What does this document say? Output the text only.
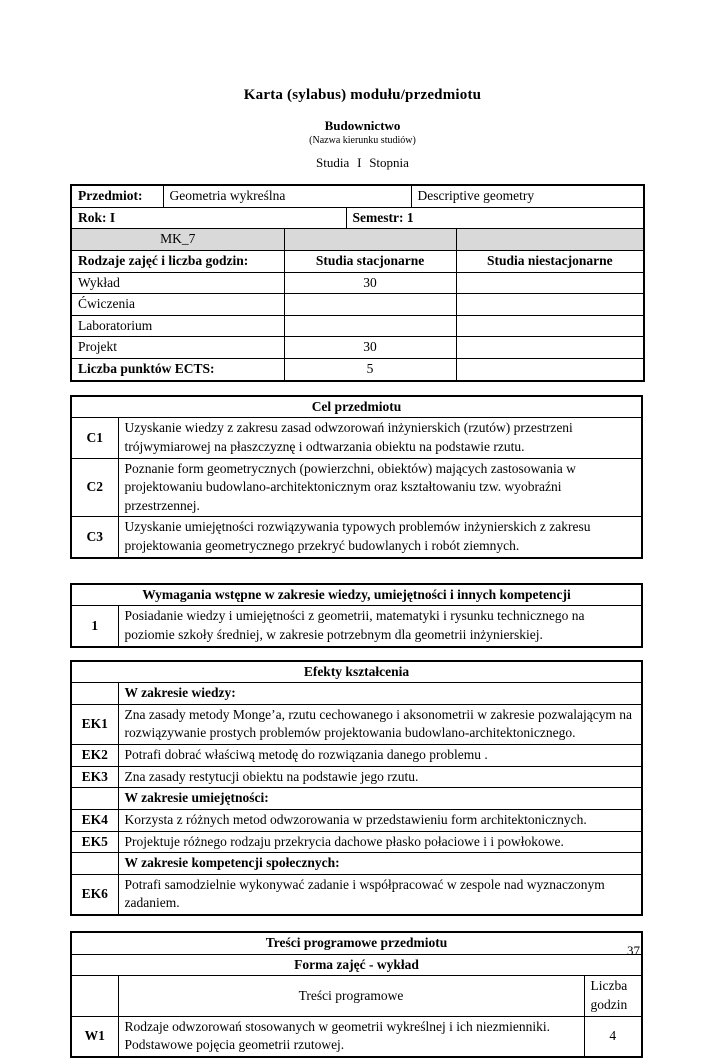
Karta (sylabus) modułu/przedmiotu
Budownictwo
(Nazwa kierunku studiów)
Studia I Stopnia
Przedmiot:	Geometria wykreślna			Descriptive geometry	
Rok: I			Semestr: 1		
MK_7					
Rodzaje zajęć i liczba godzin:		Studia stacjonarne			Studia niestacjonarne
Wykład		30			
Ćwiczenia					
Laboratorium					
Projekt		30			
Liczba punktów ECTS:		5			
Cel przedmiotu	
C1	Uzyskanie wiedzy z zakresu zasad odwzorowań inżynierskich (rzutów) przestrzeni trójwymiarowej na płaszczyznę i odtwarzania obiektu na podstawie rzutu.
C2	Poznanie form geometrycznych (powierzchni, obiektów) mających zastosowania w projektowaniu budowlano-architektonicznym oraz kształtowaniu tzw. wyobraźni przestrzennej.
C3	Uzyskanie umiejętności rozwiązywania typowych problemów inżynierskich z zakresu projektowania geometrycznego przekryć budowlanych i robót ziemnych.
Wymagania wstępne w zakresie wiedzy, umiejętności i innych kompetencji
1	Posiadanie wiedzy i umiejętności z geometrii, matematyki i rysunku technicznego na poziomie szkoły średniej, w zakresie potrzebnym dla geometrii inżynierskiej.
Efekty kształcenia	
	W zakresie wiedzy:
EK1	Zna zasady metody Monge’a, rzutu cechowanego i aksonometrii w zakresie pozwalającym na rozwiązywanie prostych problemów projektowania budowlano-architektonicznego.
EK2	Potrafi dobrać właściwą metodę do rozwiązania danego problemu .
EK3	Zna zasady restytucji obiektu na podstawie jego rzutu.
	W zakresie umiejętności:
EK4	Korzysta z różnych metod odwzorowania w przedstawieniu form architektonicznych.
EK5	Projektuje różnego rodzaju przekrycia dachowe płasko połaciowe i i powłokowe.
	W zakresie kompetencji społecznych:
EK6	Potrafi samodzielnie wykonywać zadanie i współpracować w zespole nad wyznaczonym zadaniem.
Treści programowe przedmiotu		
Forma zajęć - wykład		
	Treści programowe	Liczba godzin
W1	Rodzaje odwzorowań stosowanych w geometrii wykreślnej i ich niezmienniki. Podstawowe pojęcia geometrii rzutowej.	4
37
